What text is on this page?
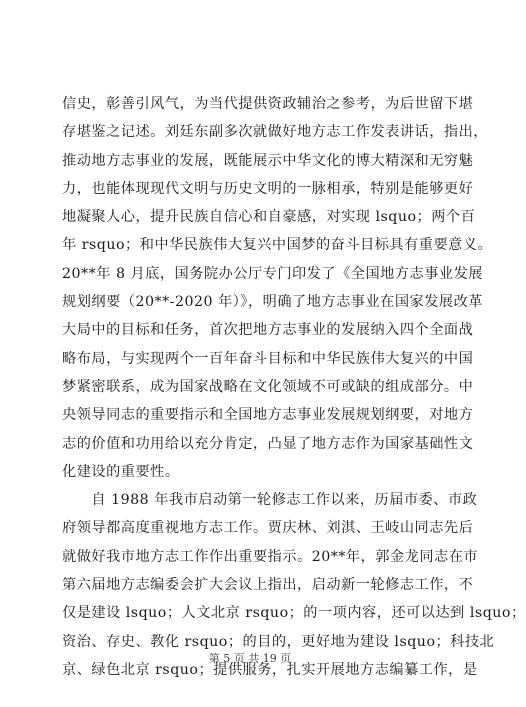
信史，彰善引风气，为当代提供资政辅治之参考，为后世留下堪
存堪鉴之记述。刘廷东副多次就做好地方志工作发表讲话，指出，
推动地方志事业的发展，既能展示中华文化的博大精深和无穷魅
力，也能体现现代文明与历史文明的一脉相承，特别是能够更好
地凝聚人心，提升民族自信心和自豪感，对实现 lsquo；两个百
年 rsquo；和中华民族伟大复兴中国梦的奋斗目标具有重要意义。
20**年 8 月底，国务院办公厅专门印发了《全国地方志事业发展
规划纲要（20**-2020 年）》，明确了地方志事业在国家发展改革
大局中的目标和任务，首次把地方志事业的发展纳入四个全面战
略布局，与实现两个一百年奋斗目标和中华民族伟大复兴的中国
梦紧密联系，成为国家战略在文化领域不可或缺的组成部分。中
央领导同志的重要指示和全国地方志事业发展规划纲要，对地方
志的价值和功用给以充分肯定，凸显了地方志作为国家基础性文
化建设的重要性。
　　自 1988 年我市启动第一轮修志工作以来，历届市委、市政
府领导都高度重视地方志工作。贾庆林、刘淇、王岐山同志先后
就做好我市地方志工作作出重要指示。20**年，郭金龙同志在市
第六届地方志编委会扩大会议上指出，启动新一轮修志工作，不
仅是建设 lsquo；人文北京 rsquo；的一项内容，还可以达到 lsquo；
资治、存史、教化 rsquo；的目的，更好地为建设 lsquo；科技北
京、绿色北京 rsquo；提供服务，扎实开展地方志编纂工作，是
第 5 页 共 19 页
